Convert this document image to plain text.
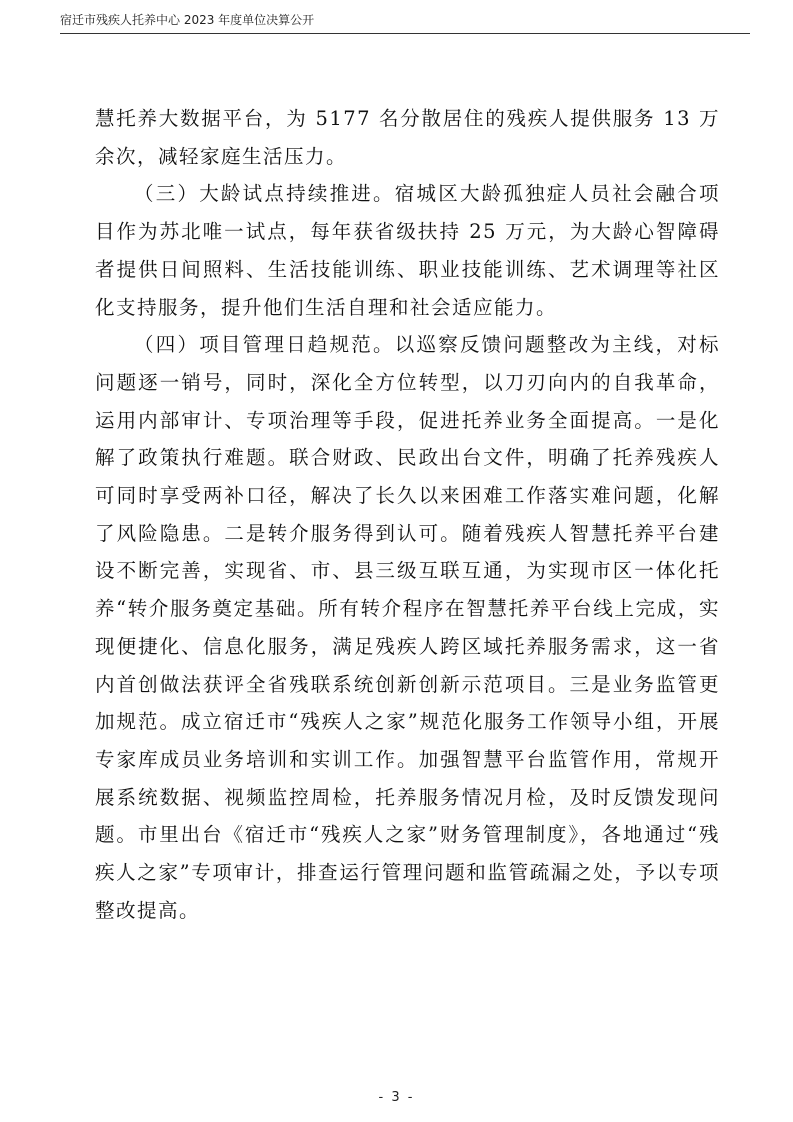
宿迁市残疾人托养中心 2023 年度单位决算公开

慧托养大数据平台，为 5177 名分散居住的残疾人提供服务 13 万余次，减轻家庭生活压力。

（三）大龄试点持续推进。宿城区大龄孤独症人员社会融合项目作为苏北唯一试点，每年获省级扶持 25 万元，为大龄心智障碍者提供日间照料、生活技能训练、职业技能训练、艺术调理等社区化支持服务，提升他们生活自理和社会适应能力。

（四）项目管理日趋规范。以巡察反馈问题整改为主线，对标问题逐一销号，同时，深化全方位转型，以刀刃向内的自我革命，运用内部审计、专项治理等手段，促进托养业务全面提高。一是化解了政策执行难题。联合财政、民政出台文件，明确了托养残疾人可同时享受两补口径，解决了长久以来困难工作落实难问题，化解了风险隐患。二是转介服务得到认可。随着残疾人智慧托养平台建设不断完善，实现省、市、县三级互联互通，为实现市区一体化托养“转介服务奠定基础。所有转介程序在智慧托养平台线上完成，实现便捷化、信息化服务，满足残疾人跨区域托养服务需求，这一省内首创做法获评全省残联系统创新创新示范项目。三是业务监管更加规范。成立宿迁市“残疾人之家”规范化服务工作领导小组，开展专家库成员业务培训和实训工作。加强智慧平台监管作用，常规开展系统数据、视频监控周检，托养服务情况月检，及时反馈发现问题。市里出台《宿迁市“残疾人之家”财务管理制度》，各地通过“残疾人之家”专项审计，排查运行管理问题和监管疏漏之处，予以专项整改提高。

- 3 -
